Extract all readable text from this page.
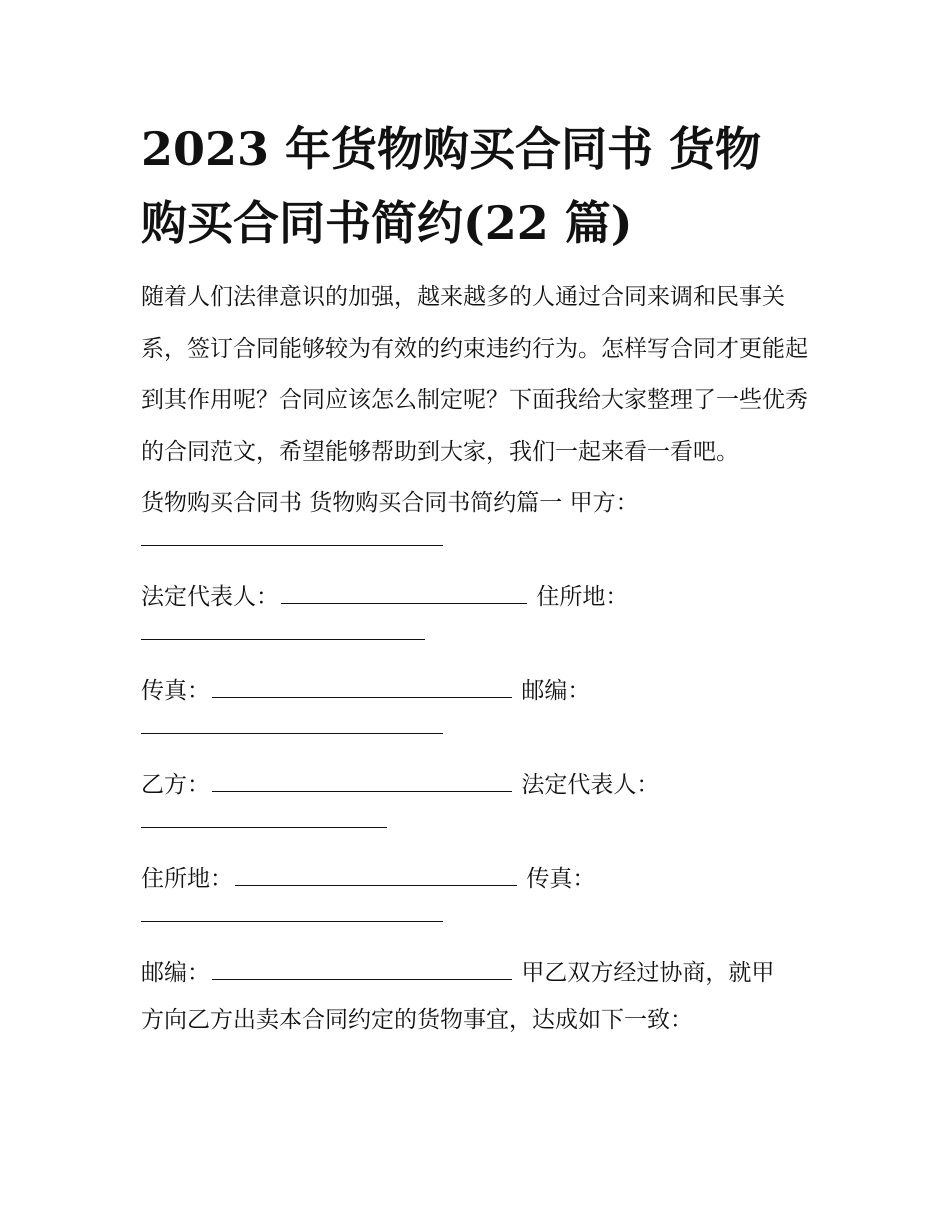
2023 年货物购买合同书 货物
购买合同书简约(22 篇)

随着人们法律意识的加强，越来越多的人通过合同来调和民事关系，签订合同能够较为有效的约束违约行为。怎样写合同才更能起到其作用呢？合同应该怎么制定呢？下面我给大家整理了一些优秀的合同范文，希望能够帮助到大家，我们一起来看一看吧。

货物购买合同书 货物购买合同书简约篇一 甲方：

法定代表人：	住所地：
传真：	邮编：
乙方：	法定代表人：
住所地：	传真：
邮编：	甲乙双方经过协商，就甲

方向乙方出卖本合同约定的货物事宜，达成如下一致：
